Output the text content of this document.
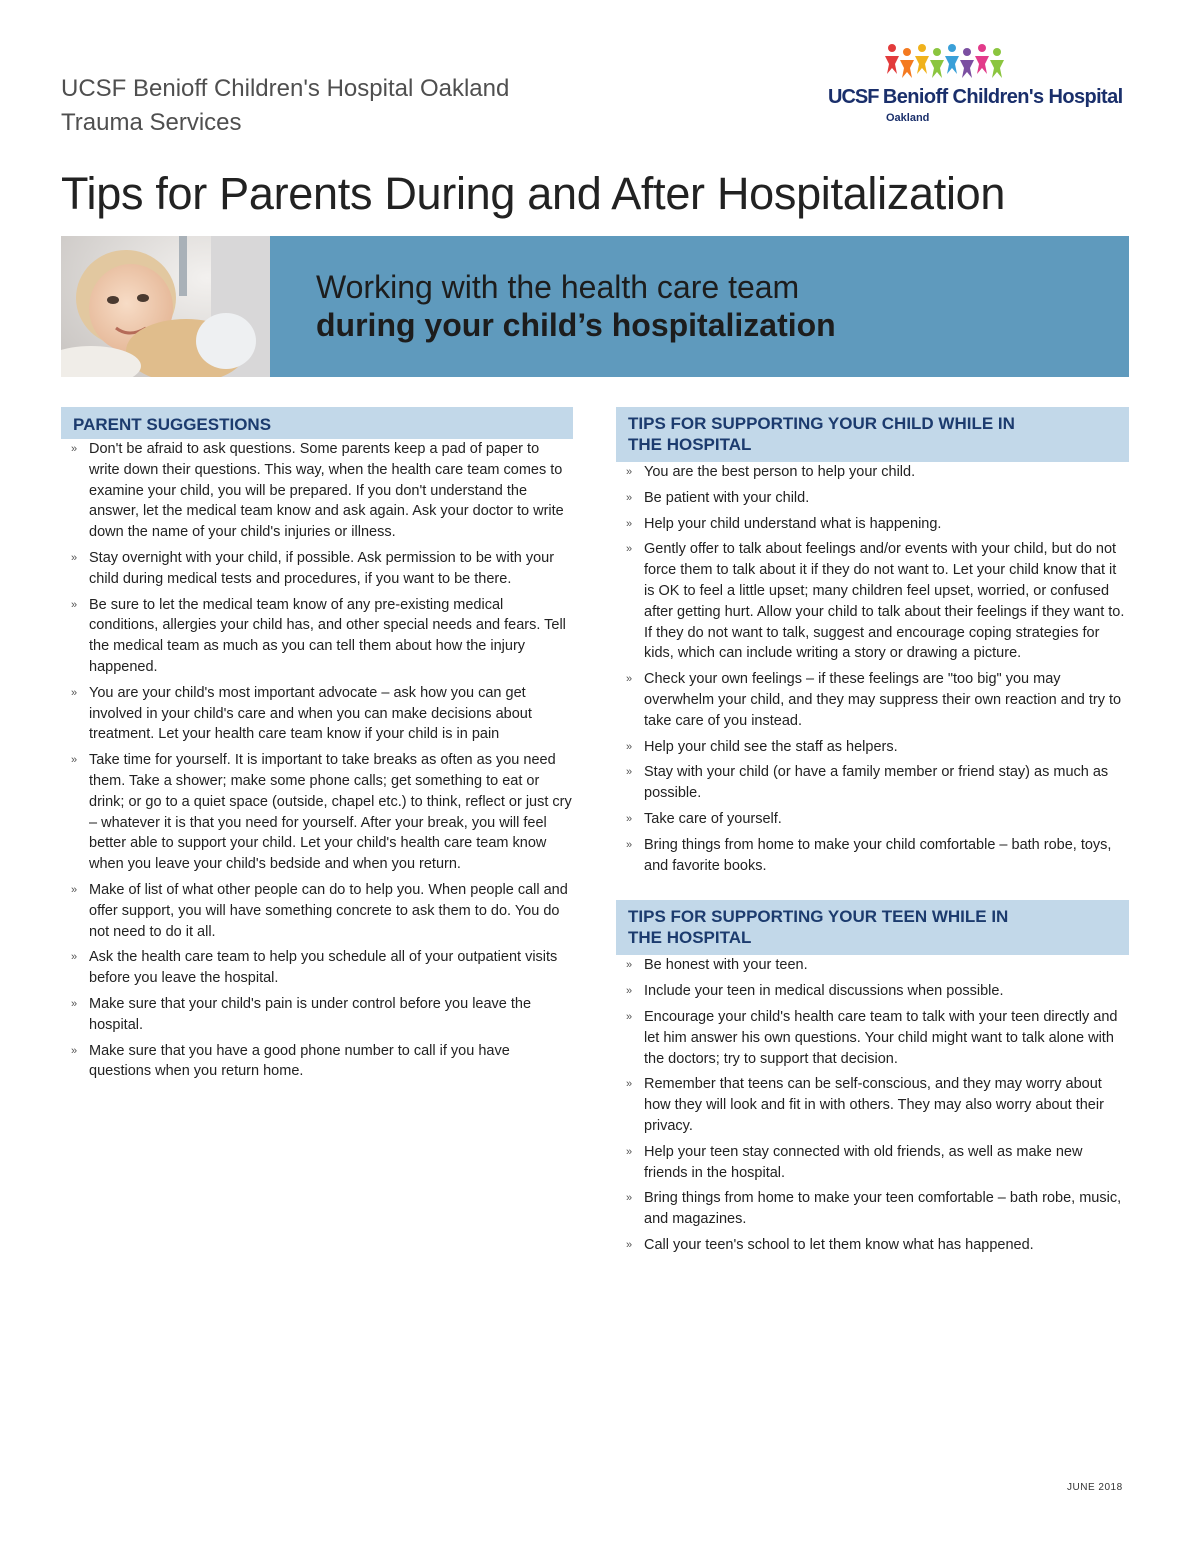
UCSF Benioff Children's Hospital Oakland
Trauma Services
UCSF Benioff Children's Hospital
Oakland
Tips for Parents During and After Hospitalization
Working with the health care team
during your child’s hospitalization
PARENT SUGGESTIONS
» Don't be afraid to ask questions. Some parents keep a pad of paper to write down their questions. This way, when the health care team comes to examine your child, you will be prepared. If you don't understand the answer, let the medical team know and ask again. Ask your doctor to write down the name of your child's injuries or illness.
» Stay overnight with your child, if possible. Ask permission to be with your child during medical tests and procedures, if you want to be there.
» Be sure to let the medical team know of any pre-existing medical conditions, allergies your child has, and other special needs and fears. Tell the medical team as much as you can tell them about how the injury happened.
» You are your child's most important advocate – ask how you can get involved in your child's care and when you can make decisions about treatment. Let your health care team know if your child is in pain
» Take time for yourself. It is important to take breaks as often as you need them. Take a shower; make some phone calls; get something to eat or drink; or go to a quiet space (outside, chapel etc.) to think, reflect or just cry – whatever it is that you need for yourself. After your break, you will feel better able to support your child. Let your child's health care team know when you leave your child's bedside and when you return.
» Make of list of what other people can do to help you. When people call and offer support, you will have something concrete to ask them to do. You do not need to do it all.
» Ask the health care team to help you schedule all of your outpatient visits before you leave the hospital.
» Make sure that your child's pain is under control before you leave the hospital.
» Make sure that you have a good phone number to call if you have questions when you return home.
TIPS FOR SUPPORTING YOUR CHILD WHILE IN
THE HOSPITAL
» You are the best person to help your child.
» Be patient with your child.
» Help your child understand what is happening.
» Gently offer to talk about feelings and/or events with your child, but do not force them to talk about it if they do not want to. Let your child know that it is OK to feel a little upset; many children feel upset, worried, or confused after getting hurt. Allow your child to talk about their feelings if they want to. If they do not want to talk, suggest and encourage coping strategies for kids, which can include writing a story or drawing a picture.
» Check your own feelings – if these feelings are "too big" you may overwhelm your child, and they may suppress their own reaction and try to take care of you instead.
» Help your child see the staff as helpers.
» Stay with your child (or have a family member or friend stay) as much as possible.
» Take care of yourself.
» Bring things from home to make your child comfortable – bath robe, toys, and favorite books.
TIPS FOR SUPPORTING YOUR TEEN WHILE IN
THE HOSPITAL
» Be honest with your teen.
» Include your teen in medical discussions when possible.
» Encourage your child's health care team to talk with your teen directly and let him answer his own questions. Your child might want to talk alone with the doctors; try to support that decision.
» Remember that teens can be self-conscious, and they may worry about how they will look and fit in with others. They may also worry about their privacy.
» Help your teen stay connected with old friends, as well as make new friends in the hospital.
» Bring things from home to make your teen comfortable – bath robe, music, and magazines.
» Call your teen's school to let them know what has happened.
JUNE 2018
